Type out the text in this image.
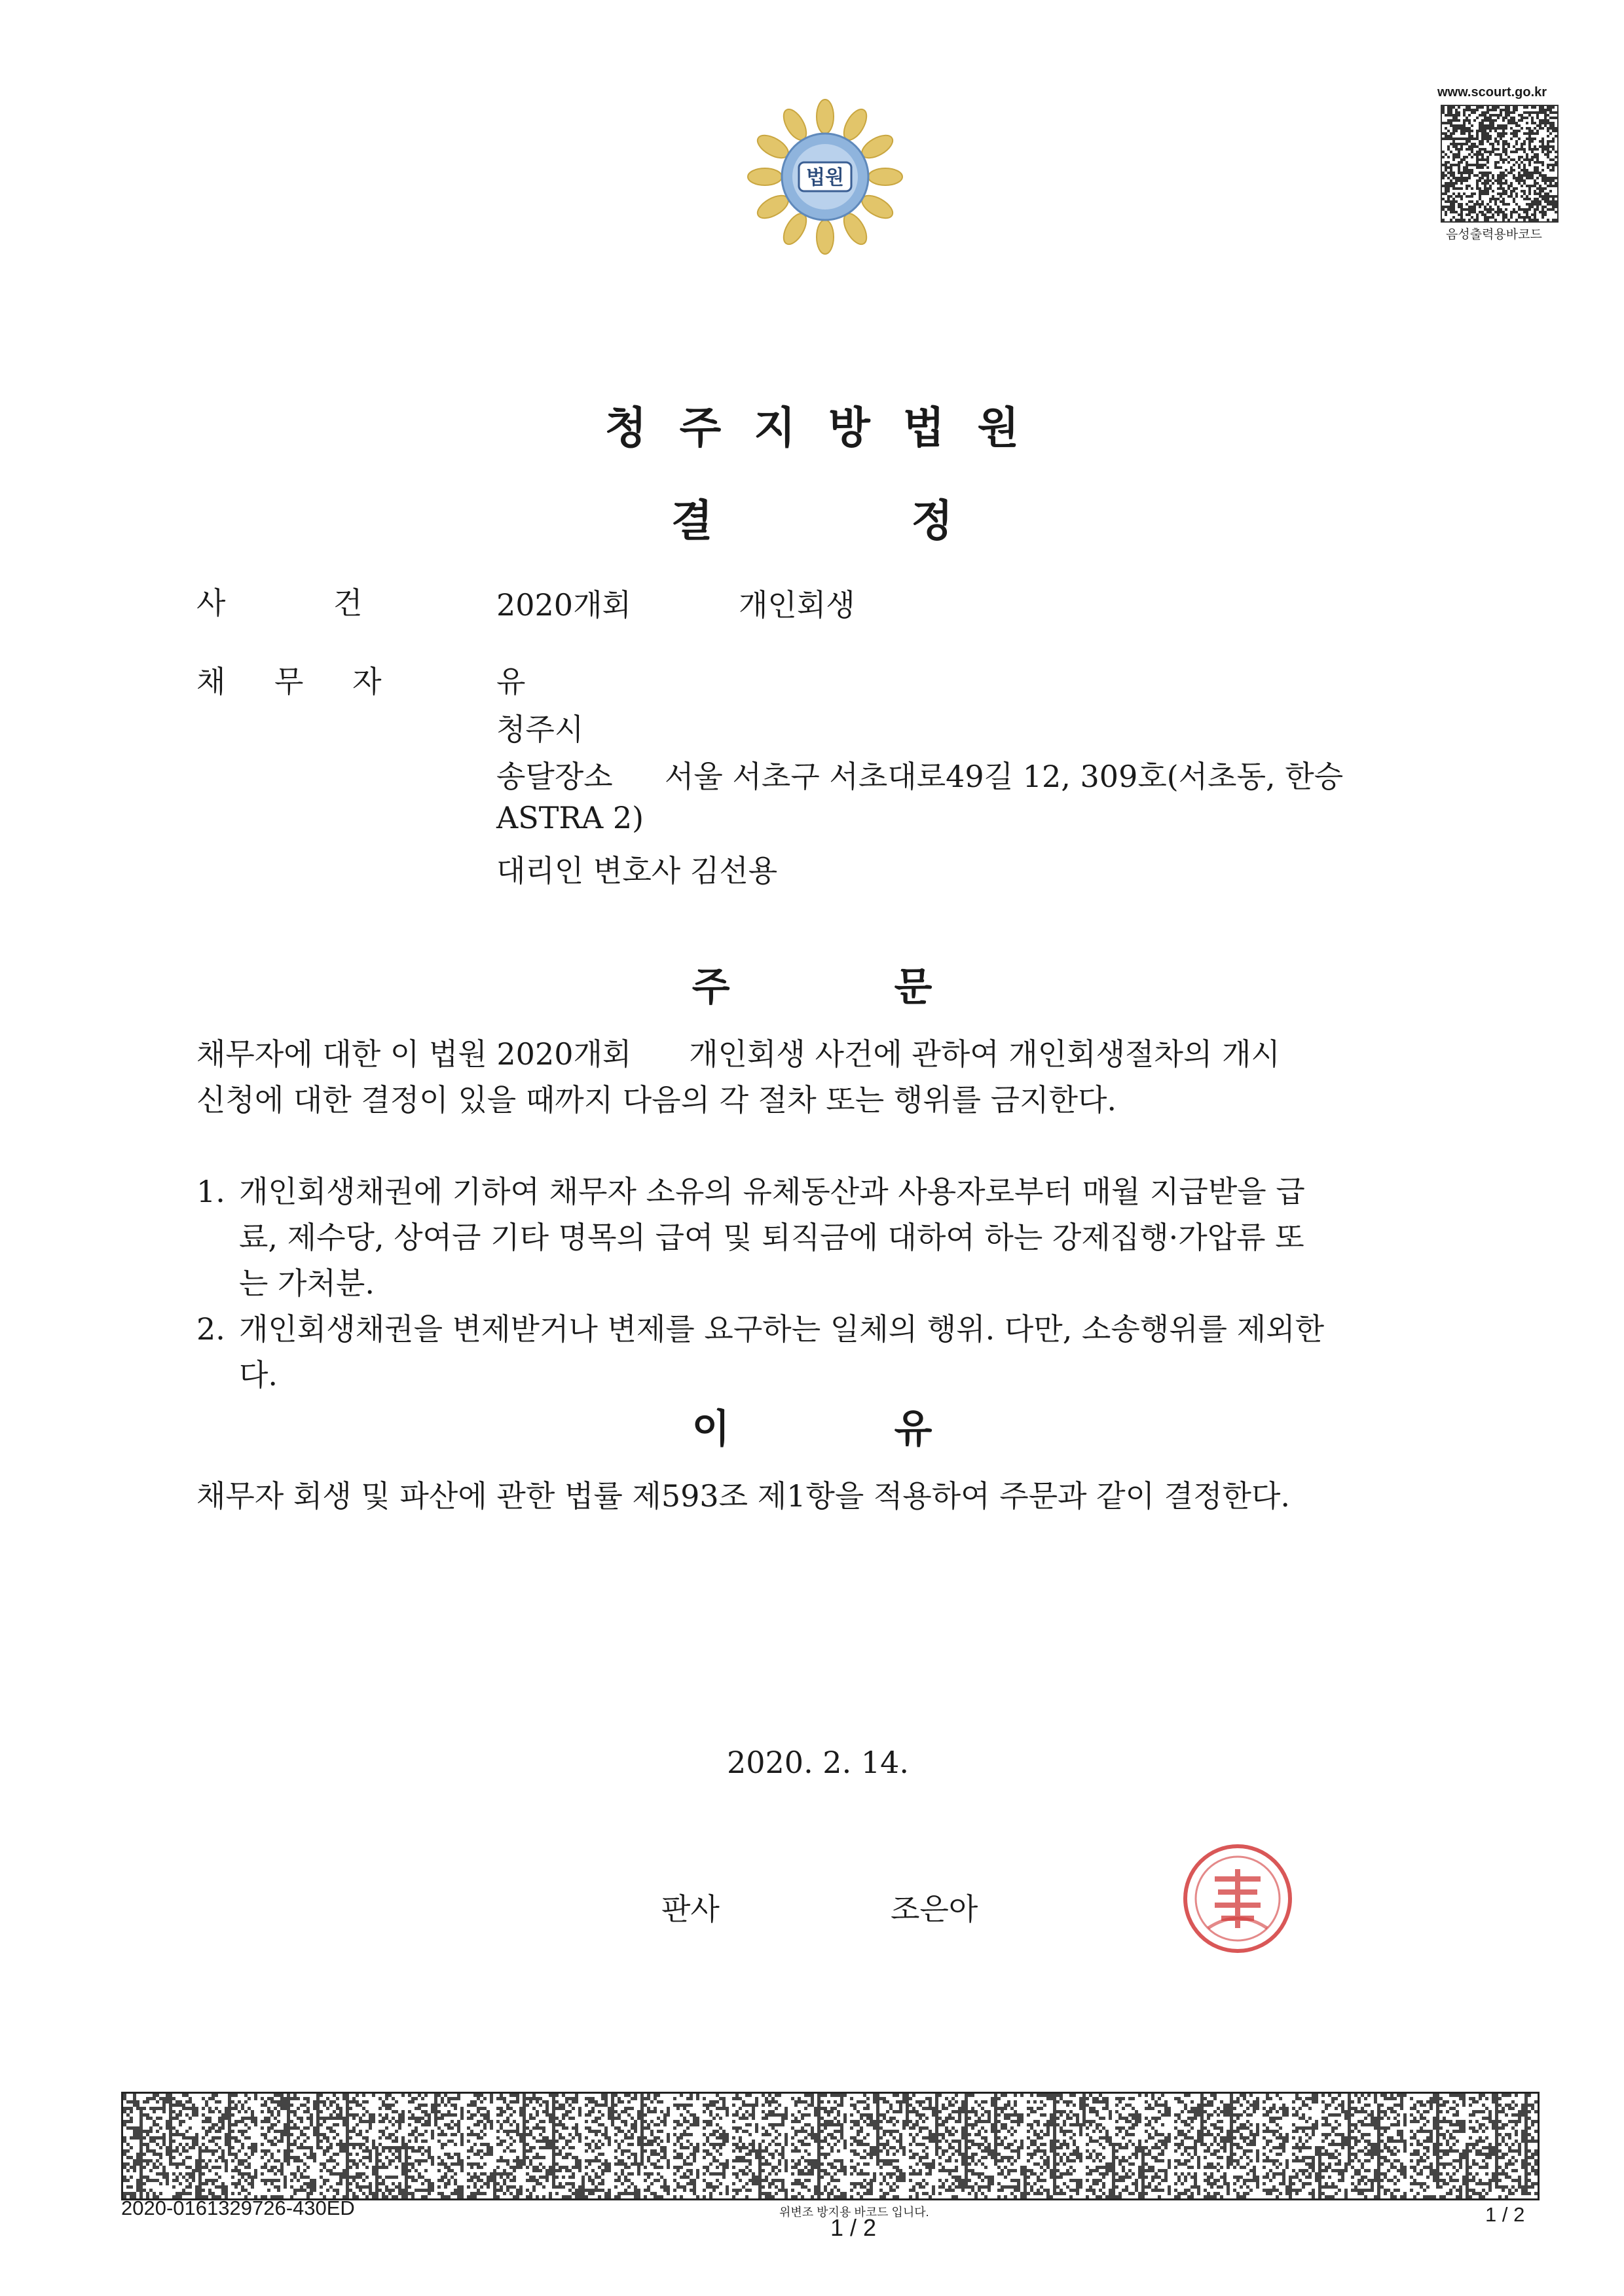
법원
www.scourt.go.kr
음성출력용바코드
청주지방법원
결 정
사 건	2020개회	개인회생
채 무 자	유
청주시
송달장소 서울 서초구 서초대로49길 12, 309호(서초동, 한승
ASTRA 2)
대리인 변호사 김선용
주 문
채무자에 대한 이 법원 2020개회      개인회생 사건에 관하여 개인회생절차의 개시
신청에 대한 결정이 있을 때까지 다음의 각 절차 또는 행위를 금지한다.
1. 개인회생채권에 기하여 채무자 소유의 유체동산과 사용자로부터 매월 지급받을 급
료, 제수당, 상여금 기타 명목의 급여 및 퇴직금에 대하여 하는 강제집행·가압류 또
는 가처분.
2. 개인회생채권을 변제받거나 변제를 요구하는 일체의 행위. 다만, 소송행위를 제외한
다.
이 유
채무자 회생 및 파산에 관한 법률 제593조 제1항을 적용하여 주문과 같이 결정한다.
2020. 2. 14.
판사	조은아
2020-0161329726-430ED	위변조 방지용 바코드 입니다.
1 / 2	1 / 2
